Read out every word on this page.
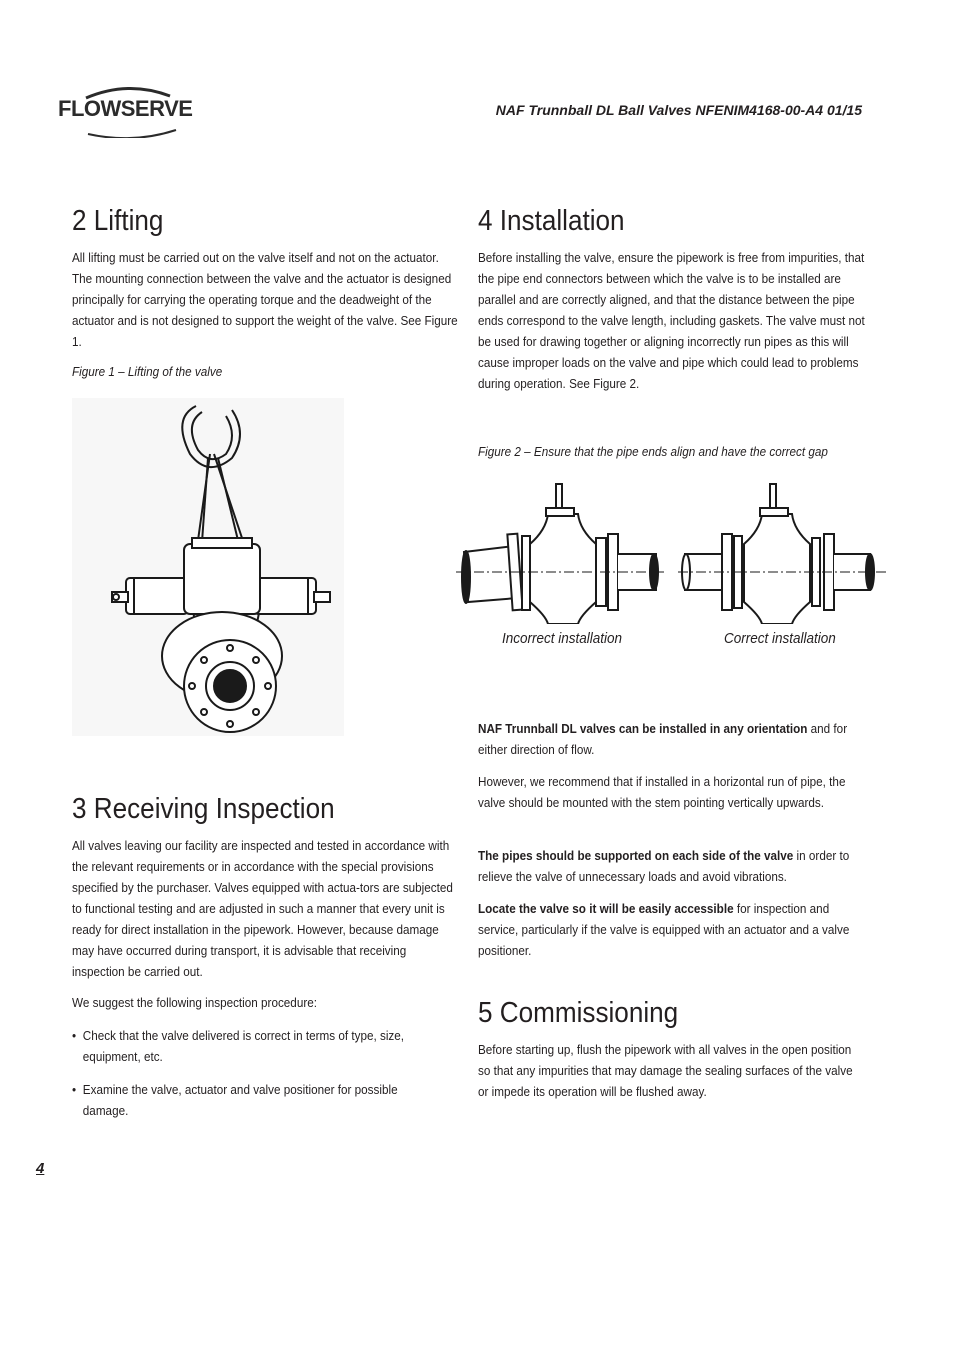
FLOWSERVE	NAF Trunnball DL Ball Valves NFENIM4168-00-A4 01/15
2 Lifting

All lifting must be carried out on the valve itself and not on the actuator. The mounting connection between the valve and the actuator is designed principally for carrying the operating torque and the deadweight of the actuator and is not designed to support the weight of the valve. See Figure 1.

Figure 1 – Lifting of the valve
3 Receiving Inspection

All valves leaving our facility are inspected and tested in accordance with the relevant requirements or in accordance with the special provisions specified by the purchaser. Valves equipped with actua-tors are subjected to functional testing and are adjusted in such a manner that every unit is ready for direct installation in the pipework. However, because damage may have occurred during transport, it is advisable that receiving inspection be carried out.

We suggest the following inspection procedure:

• Check that the valve delivered is correct in terms of type, size, equipment, etc.
• Examine the valve, actuator and valve positioner for possible damage.
4 Installation

Before installing the valve, ensure the pipework is free from impurities, that the pipe end connectors between which the valve is to be installed are parallel and are correctly aligned, and that the distance between the pipe ends correspond to the valve length, including gaskets. The valve must not be used for drawing together or aligning incorrectly run pipes as this will cause improper loads on the valve and pipe which could lead to problems during operation. See Figure 2.

Figure 2 – Ensure that the pipe ends align and have the correct gap
Incorrect installation	Correct installation

NAF Trunnball DL valves can be installed in any orientation and for either direction of flow.

However, we recommend that if installed in a horizontal run of pipe, the valve should be mounted with the stem pointing vertically upwards.

The pipes should be supported on each side of the valve in order to relieve the valve of unnecessary loads and avoid vibrations.

Locate the valve so it will be easily accessible for inspection and service, particularly if the valve is equipped with an actuator and a valve positioner.

5 Commissioning

Before starting up, flush the pipework with all valves in the open position so that any impurities that may damage the sealing surfaces of the valve or impede its operation will be flushed away.

4
